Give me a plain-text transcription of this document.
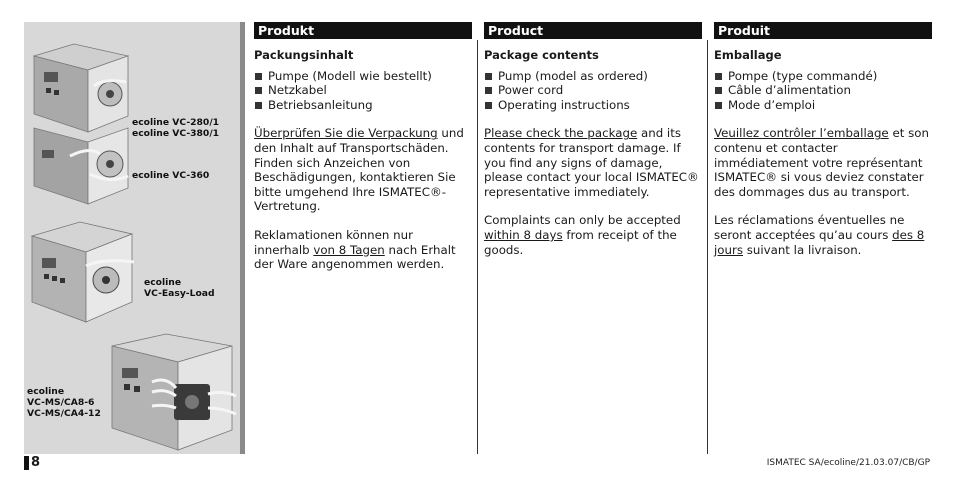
ecoline VC-280/1
ecoline VC-380/1
ecoline VC-360
ecoline
VC-Easy-Load
ecoline
VC-MS/CA8-6
VC-MS/CA4-12
Produkt
Packungsinhalt
Pumpe (Modell wie bestellt)
Netzkabel
Betriebsanleitung

Überprüfen Sie die Verpackung und den Inhalt auf Transportschäden. Finden sich Anzeichen von Beschädigungen, kontaktieren Sie bitte umgehend Ihre ISMATEC®-Vertretung.

Reklamationen können nur innerhalb von 8 Tagen nach Erhalt der Ware angenommen werden.

Product
Package contents
Pump (model as ordered)
Power cord
Operating instructions

Please check the package and its contents for transport damage. If you find any signs of damage, please contact your local ISMATEC® representative immediately.

Complaints can only be accepted within 8 days from receipt of the goods.

Produit
Emballage
Pompe (type commandé)
Câble d’alimentation
Mode d’emploi

Veuillez contrôler l’emballage et son contenu et contacter immédiatement votre représentant ISMATEC® si vous deviez constater des dommages dus au transport.

Les réclamations éventuelles ne seront acceptées qu’au cours des 8 jours suivant la livraison.

8	ISMATEC SA/ecoline/21.03.07/CB/GP
